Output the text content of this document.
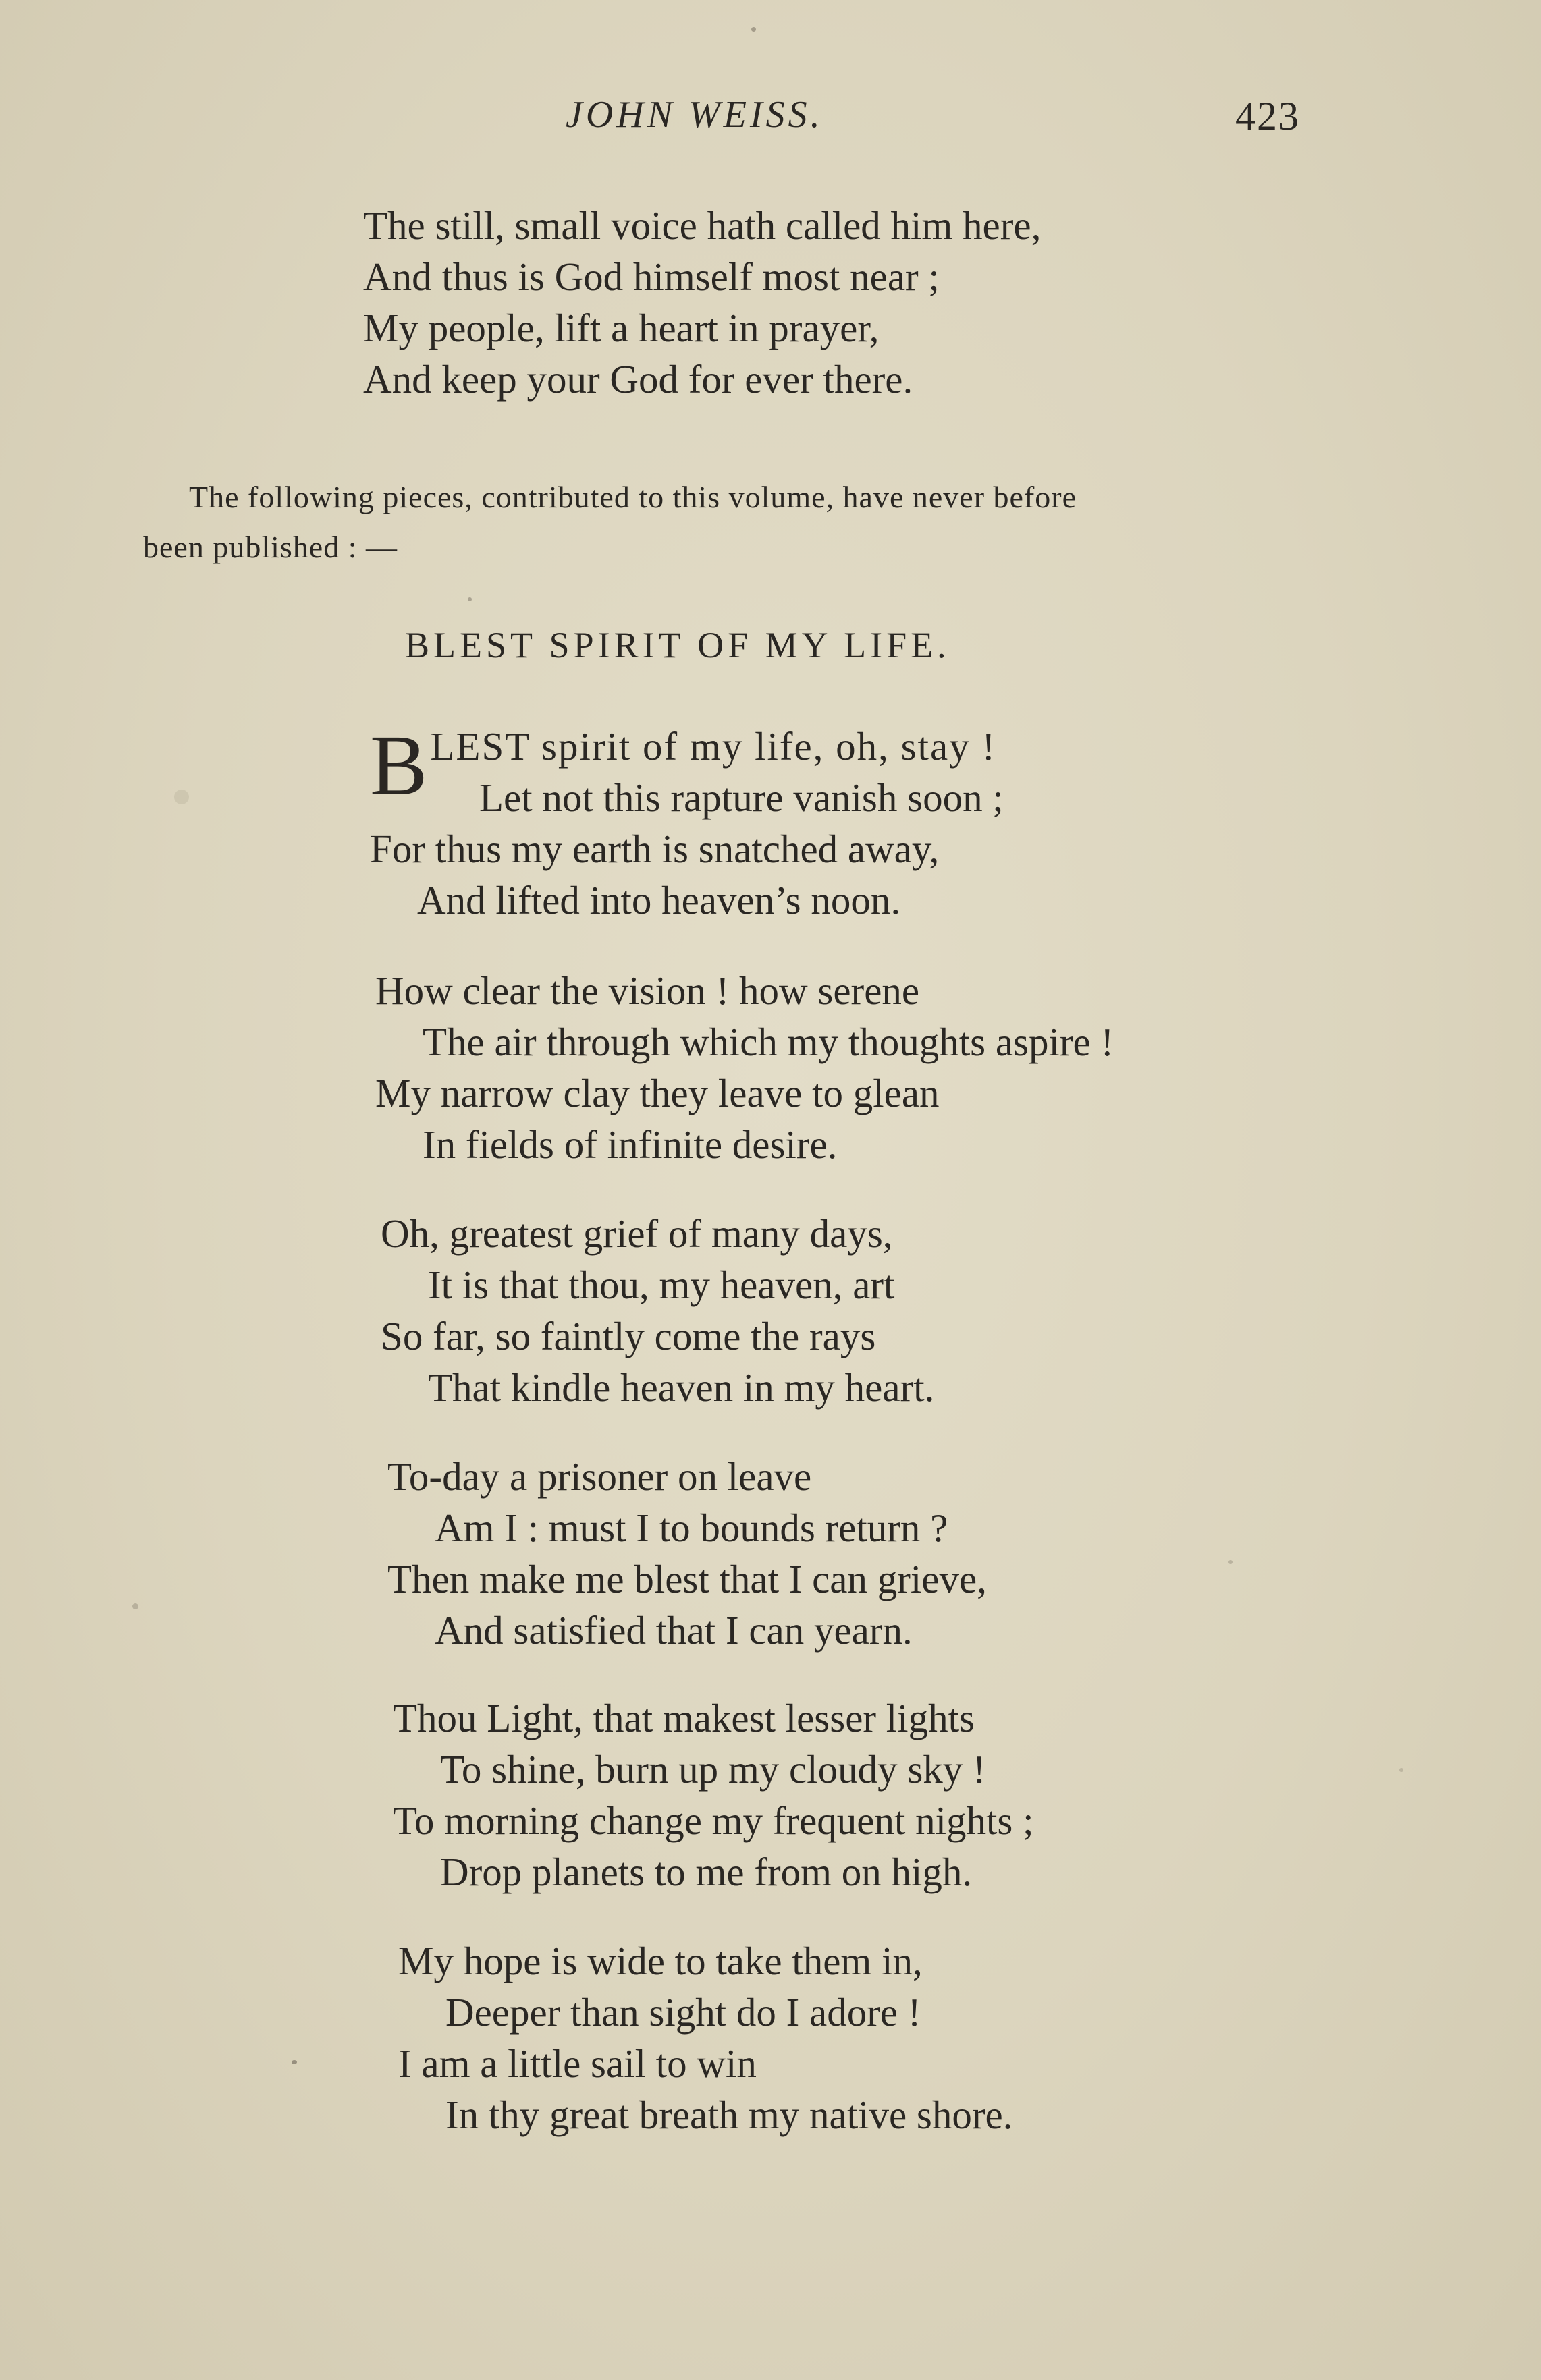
JOHN WEISS.	423
The still, small voice hath called him here,
And thus is God himself most near ;
My people, lift a heart in prayer,
And keep your God for ever there.
The following pieces, contributed to this volume, have never before
been published : —
BLEST SPIRIT OF MY LIFE.
B LEST spirit of my life, oh, stay !
Let not this rapture vanish soon ;
For thus my earth is snatched away,
And lifted into heaven’s noon.
How clear the vision ! how serene
The air through which my thoughts aspire !
My narrow clay they leave to glean
In fields of infinite desire.
Oh, greatest grief of many days,
It is that thou, my heaven, art
So far, so faintly come the rays
That kindle heaven in my heart.
To-day a prisoner on leave
Am I : must I to bounds return ?
Then make me blest that I can grieve,
And satisfied that I can yearn.
Thou Light, that makest lesser lights
To shine, burn up my cloudy sky !
To morning change my frequent nights ;
Drop planets to me from on high.
My hope is wide to take them in,
Deeper than sight do I adore !
I am a little sail to win
In thy great breath my native shore.
